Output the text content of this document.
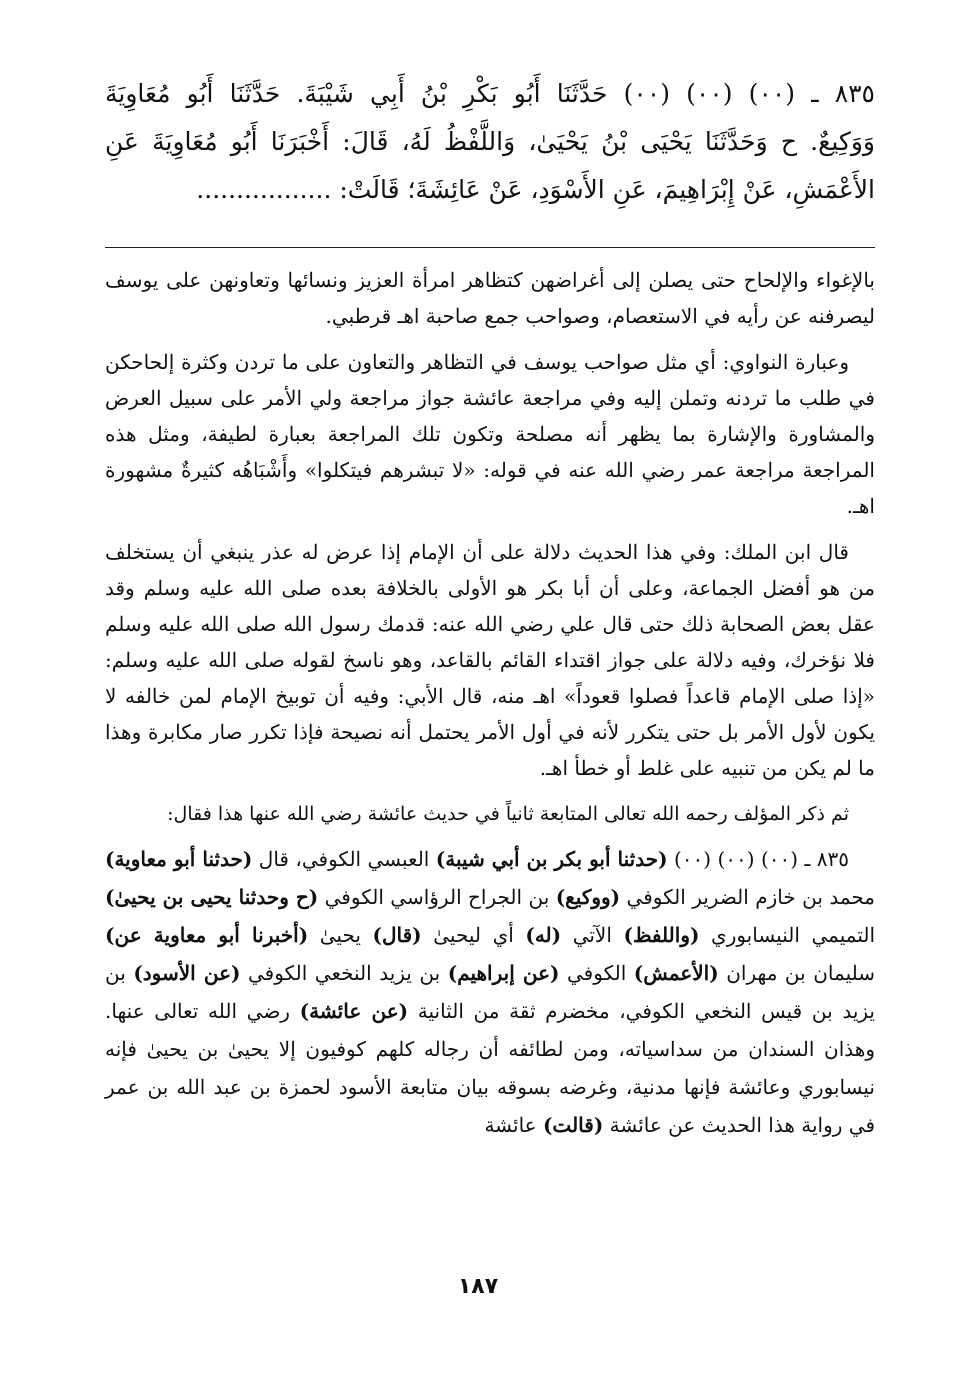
٨٣٥ ـ (٠٠) (٠٠) (٠٠) حَدَّثَنَا أَبُو بَكْرِ بْنُ أَبِي شَيْبَةَ. حَدَّثَنَا أَبُو مُعَاوِيَةَ
وَوَكِيعٌ. ح وَحَدَّثَنَا يَحْيَى بْنُ يَحْيَىٰ، وَاللَّفْظُ لَهُ، قَالَ: أَخْبَرَنَا أَبُو مُعَاوِيَةَ عَنِ
الأَعْمَشِ، عَنْ إِبْرَاهِيمَ، عَنِ الأَسْوَدِ، عَنْ عَائِشَةَ؛ قَالَتْ: .................

بالإغواء والإلحاح حتى يصلن إلى أغراضهن كتظاهر امرأة العزيز ونسائها وتعاونهن على يوسف ليصرفنه عن رأيه في الاستعصام، وصواحب جمع صاحبة اهـ قرطبي.

وعبارة النواوي: أي مثل صواحب يوسف في التظاهر والتعاون على ما تردن وكثرة إلحاحكن في طلب ما تردنه وتملن إليه وفي مراجعة عائشة جواز مراجعة ولي الأمر على سبيل العرض والمشاورة والإشارة بما يظهر أنه مصلحة وتكون تلك المراجعة بعبارة لطيفة، ومثل هذه المراجعة مراجعة عمر رضي الله عنه في قوله: «لا تبشرهم فيتكلوا» وأَشْبَاهُه كثيرةٌ مشهورة اهـ.

قال ابن الملك: وفي هذا الحديث دلالة على أن الإمام إذا عرض له عذر ينبغي أن يستخلف من هو أفضل الجماعة، وعلى أن أبا بكر هو الأولى بالخلافة بعده صلى الله عليه وسلم وقد عقل بعض الصحابة ذلك حتى قال علي رضي الله عنه: قدمك رسول الله صلى الله عليه وسلم فلا نؤخرك، وفيه دلالة على جواز اقتداء القائم بالقاعد، وهو ناسخ لقوله صلى الله عليه وسلم: «إذا صلى الإمام قاعداً فصلوا قعوداً» اهـ منه، قال الأبي: وفيه أن توبيخ الإمام لمن خالفه لا يكون لأول الأمر بل حتى يتكرر لأنه في أول الأمر يحتمل أنه نصيحة فإذا تكرر صار مكابرة وهذا ما لم يكن من تنبيه على غلط أو خطأ اهـ.

ثم ذكر المؤلف رحمه الله تعالى المتابعة ثانياً في حديث عائشة رضي الله عنها هذا فقال:

٨٣٥ ـ (٠٠) (٠٠) (٠٠) (حدثنا أبو بكر بن أبي شيبة) العبسي الكوفي، قال (حدثنا أبو معاوية) محمد بن خازم الضرير الكوفي (ووكيع) بن الجراح الرؤاسي الكوفي (ح وحدثنا يحيى بن يحيىٰ) التميمي النيسابوري (واللفظ) الآتي (له) أي ليحيىٰ (قال) يحيىٰ (أخبرنا أبو معاوية عن) سليمان بن مهران (الأعمش) الكوفي (عن إبراهيم) بن يزيد النخعي الكوفي (عن الأسود) بن يزيد بن قيس النخعي الكوفي، مخضرم ثقة من الثانية (عن عائشة) رضي الله تعالى عنها. وهذان السندان من سداسياته، ومن لطائفه أن رجاله كلهم كوفيون إلا يحيىٰ بن يحيىٰ فإنه نيسابوري وعائشة فإنها مدنية، وغرضه بسوقه بيان متابعة الأسود لحمزة بن عبد الله بن عمر في رواية هذا الحديث عن عائشة (قالت) عائشة

١٨٧
